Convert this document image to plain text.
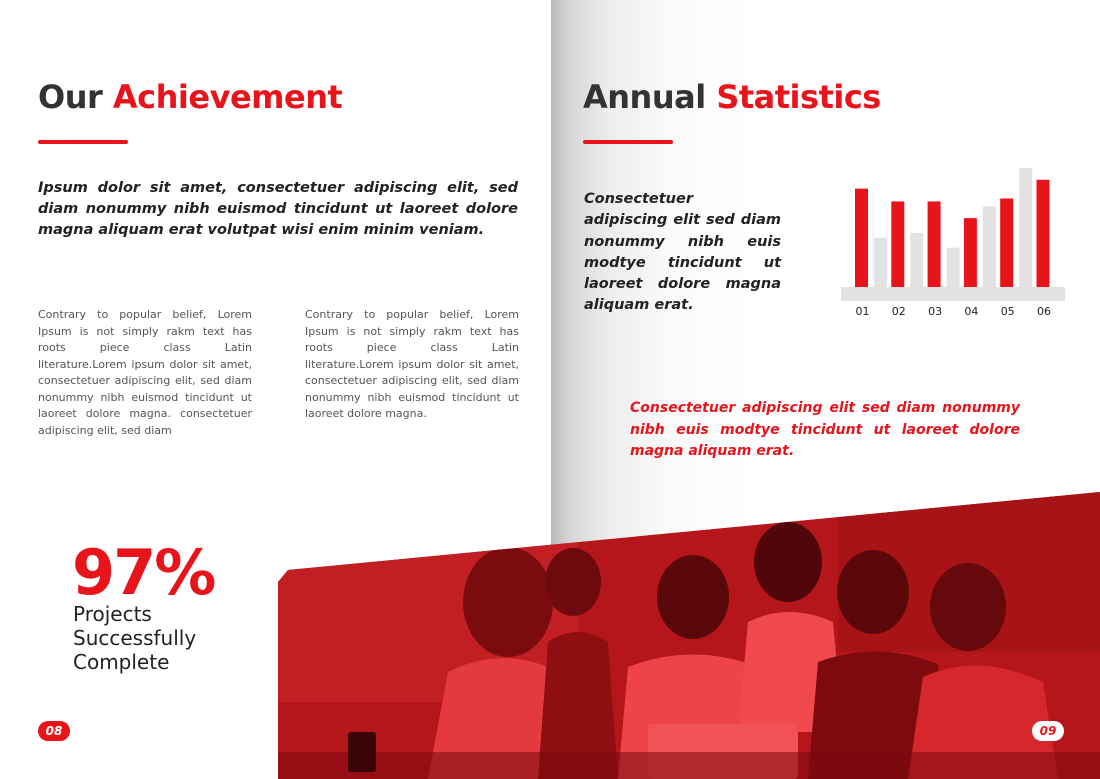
Our Achievement

Ipsum dolor sit amet, consectetuer adipiscing elit, sed diam nonummy nibh euismod tincidunt ut laoreet dolore magna aliquam erat volutpat wisi enim minim veniam.

Contrary to popular belief, Lorem Ipsum is not simply rakm text has roots piece class Latin literature.Lorem ipsum dolor sit amet, consectetuer adipiscing elit, sed diam nonummy nibh euismod tincidunt ut laoreet dolore magna. consectetuer adipiscing elit, sed diam

Contrary to popular belief, Lorem Ipsum is not simply rakm text has roots piece class Latin literature.Lorem ipsum dolor sit amet, consectetuer adipiscing elit, sed diam nonummy nibh euismod tincidunt ut laoreet dolore magna.

97%

Projects

Successfully

Complete

08
Annual Statistics

Consectetuer adipiscing elit sed diam nonummy nibh euis modtye tincidunt ut laoreet dolore magna aliquam erat.	01 02 03 04 05 06

Consectetuer adipiscing elit sed diam nonummy nibh euis modtye tincidunt ut laoreet dolore magna aliquam erat.

09
